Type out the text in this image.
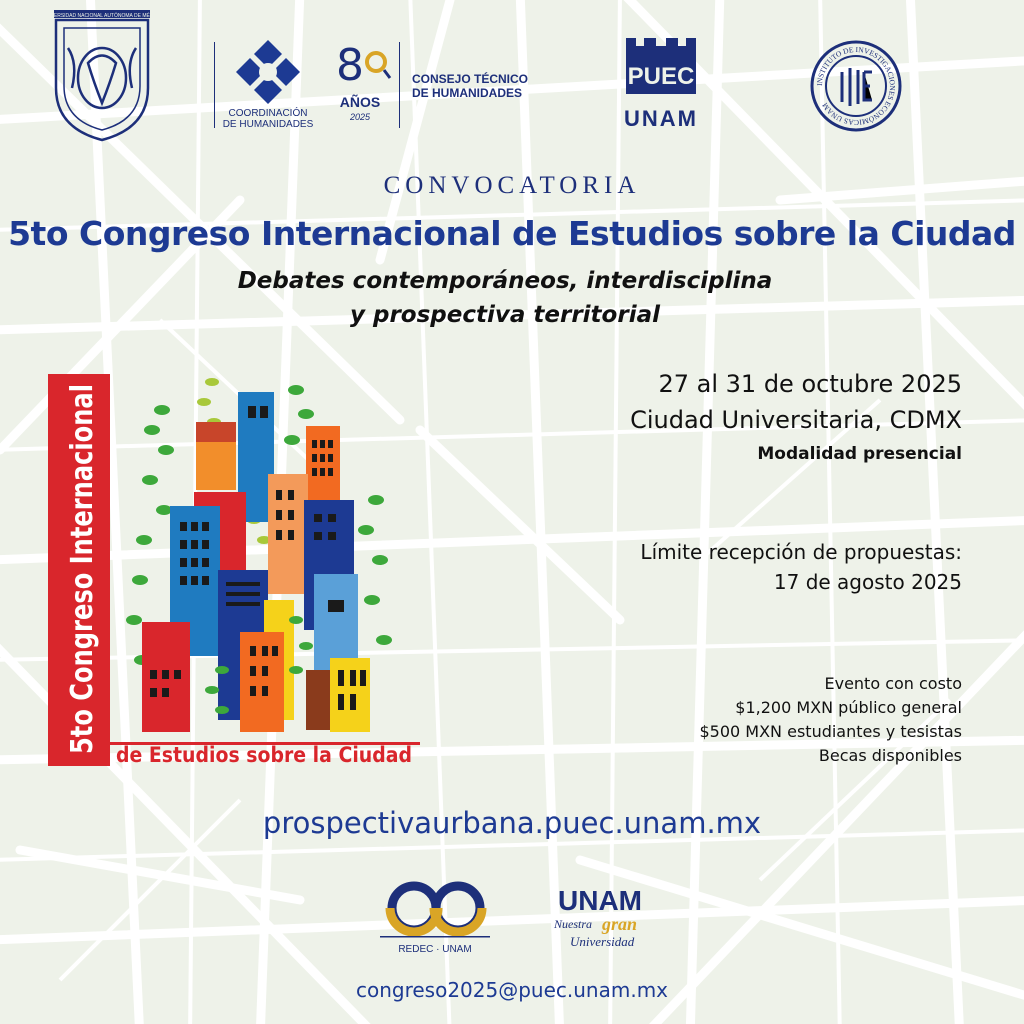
UNIVERSIDAD NACIONAL AUTÓNOMA DE MÉXICO
COORDINACIÓN
DE HUMANIDADES
8
AÑOS
2025
CONSEJO TÉCNICO
DE HUMANIDADES
PUEC
UNAM
INSTITUTO DE INVESTIGACIONES ECONÓMICAS UNAM
CONVOCATORIA
5to Congreso Internacional de Estudios sobre la Ciudad
Debates contemporáneos, interdisciplina
y prospectiva territorial
5to Congreso Internacional
de Estudios sobre la Ciudad
27 al 31 de octubre 2025
Ciudad Universitaria, CDMX
Modalidad presencial
Límite recepción de propuestas:
17 de agosto 2025
Evento con costo
$1,200 MXN público general
$500 MXN estudiantes y tesistas
Becas disponibles
prospectivaurbana.puec.unam.mx
REDEC · UNAM
UNAM
Nuestra gran
Universidad
congreso2025@puec.unam.mx
